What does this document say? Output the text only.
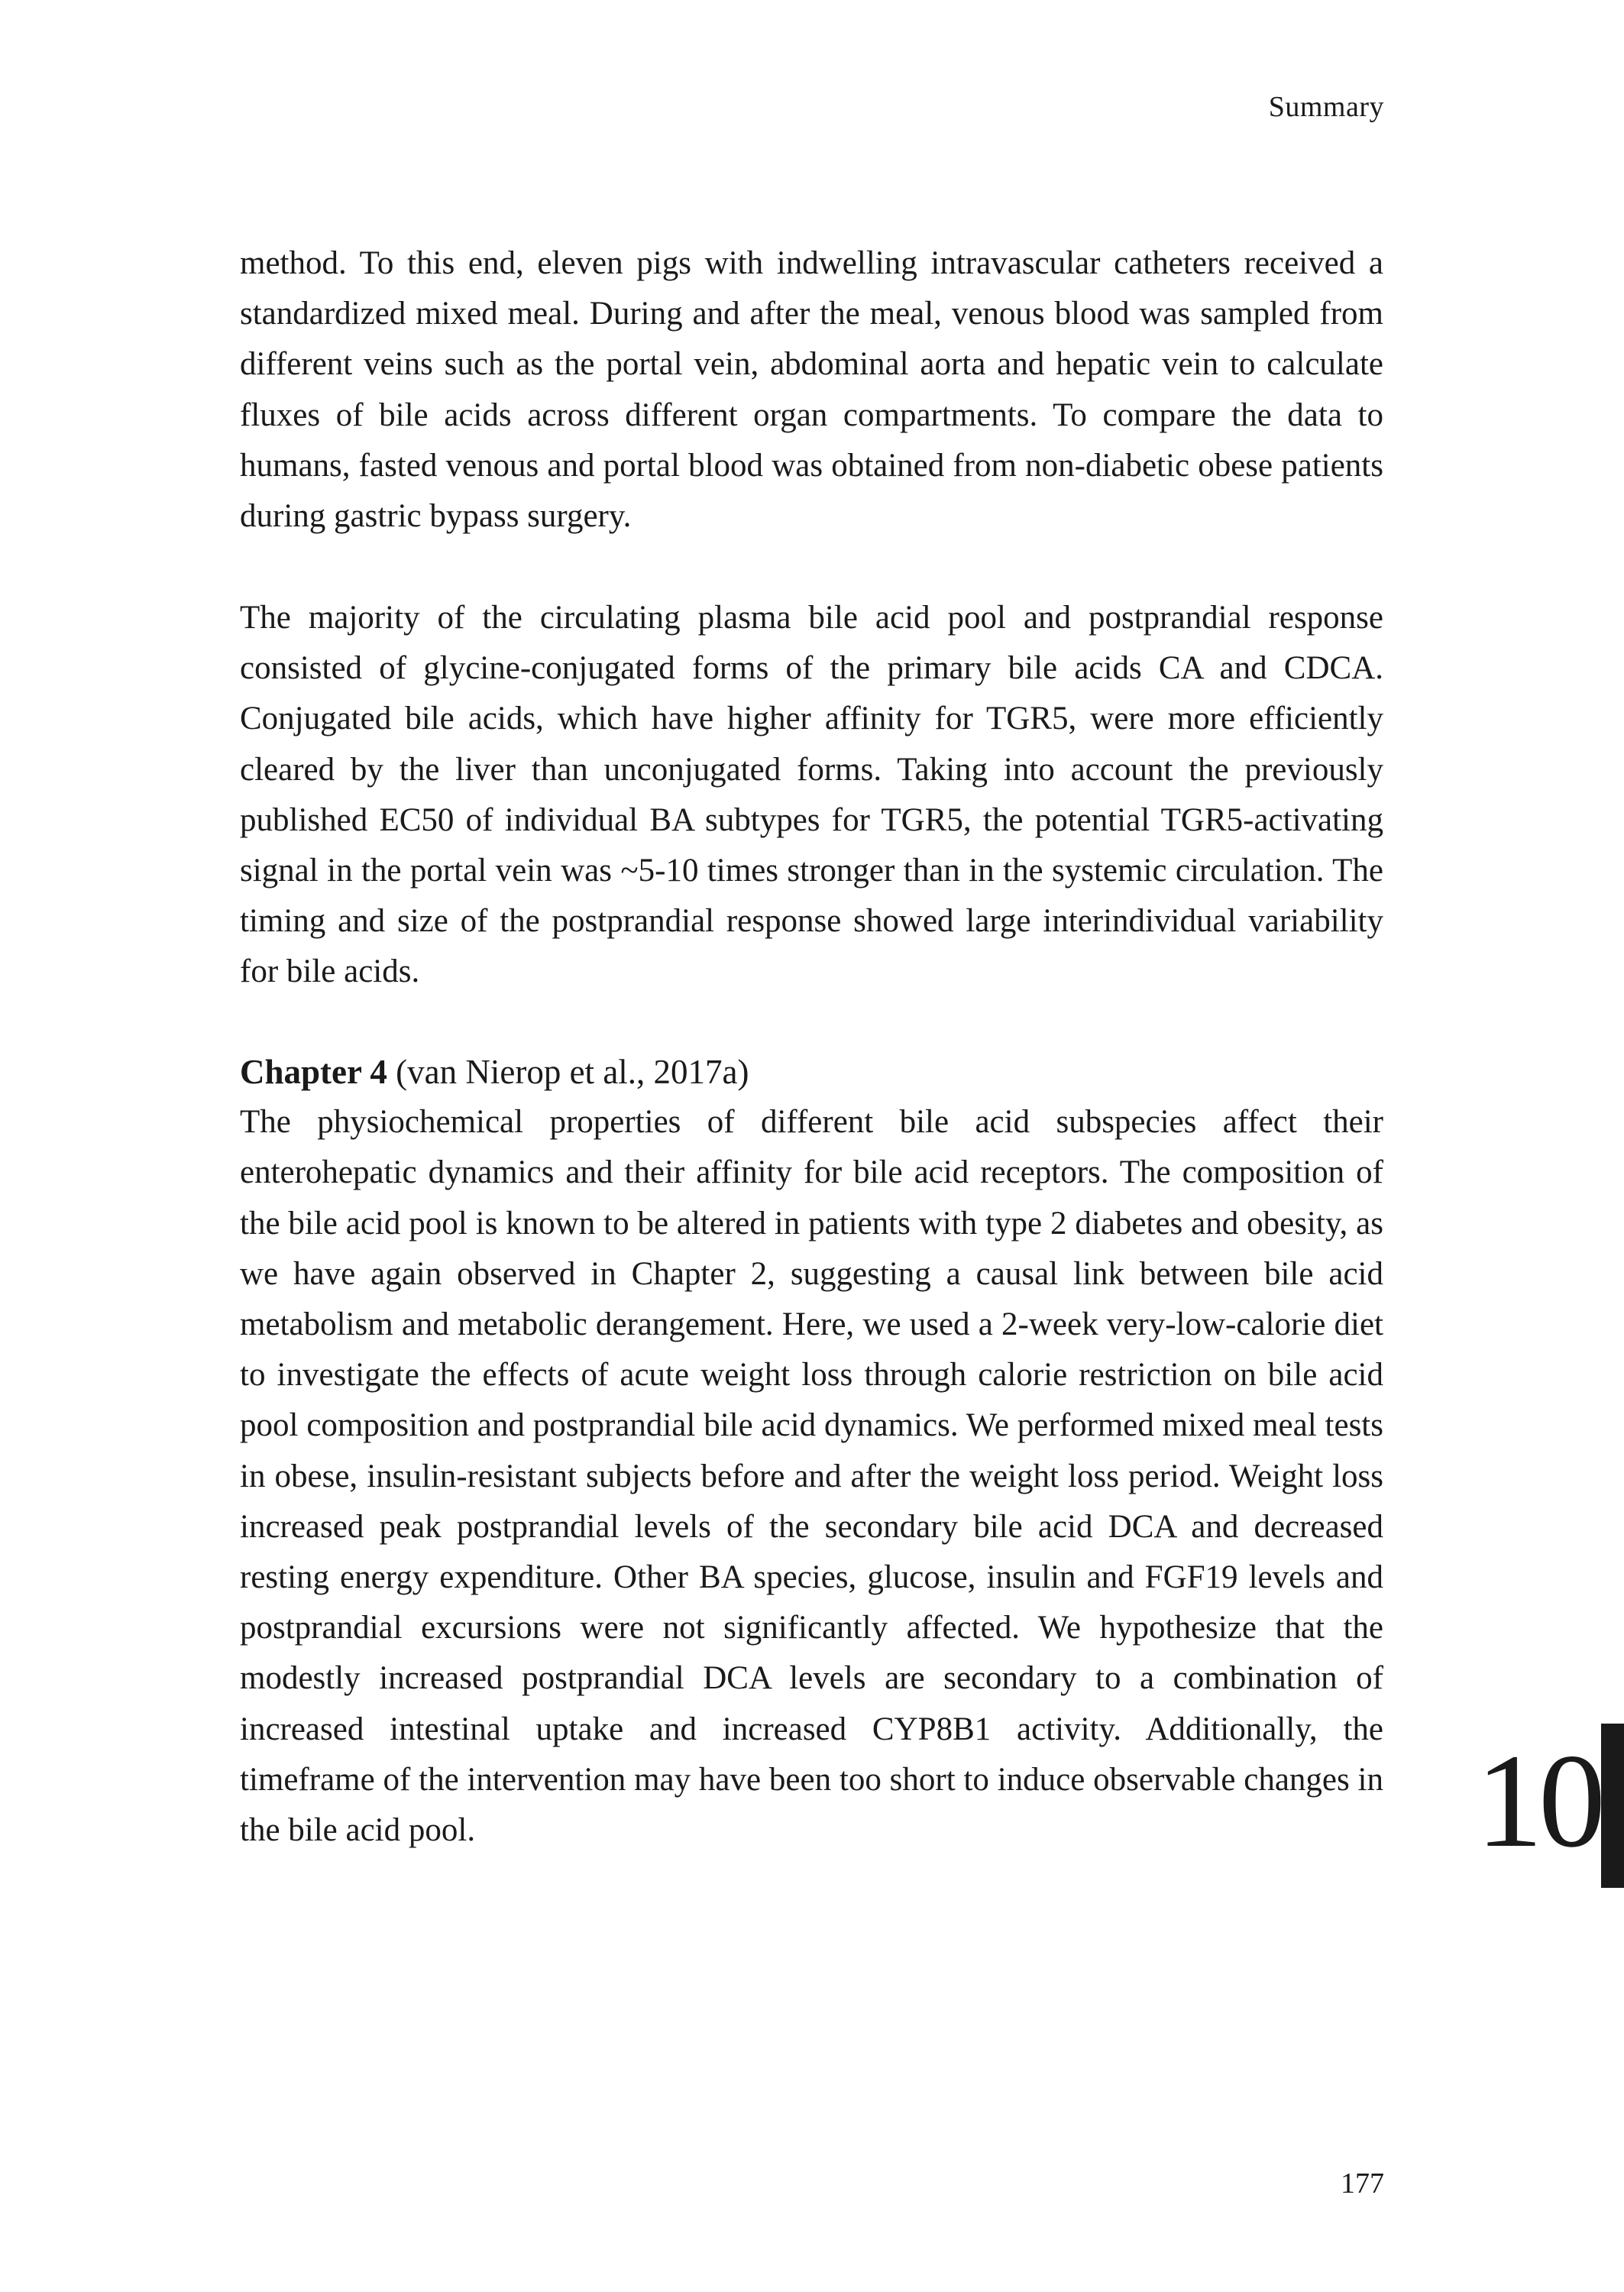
Summary

method. To this end, eleven pigs with indwelling intravascular catheters received a standardized mixed meal. During and after the meal, venous blood was sampled from different veins such as the portal vein, abdominal aorta and hepatic vein to calculate fluxes of bile acids across different organ compartments. To compare the data to humans, fasted venous and portal blood was obtained from non-diabetic obese patients during gastric bypass surgery.

The majority of the circulating plasma bile acid pool and postprandial response consisted of glycine-conjugated forms of the primary bile acids CA and CDCA. Conjugated bile acids, which have higher affinity for TGR5, were more efficiently cleared by the liver than unconjugated forms. Taking into account the previously published EC50 of individual BA subtypes for TGR5, the potential TGR5-activating signal in the portal vein was ~5-10 times stronger than in the systemic circulation. The timing and size of the postprandial response showed large interindividual variability for bile acids.

Chapter 4 (van Nierop et al., 2017a)

The physiochemical properties of different bile acid subspecies affect their enterohepatic dynamics and their affinity for bile acid receptors. The composition of the bile acid pool is known to be altered in patients with type 2 diabetes and obesity, as we have again observed in Chapter 2, suggesting a causal link between bile acid metabolism and metabolic derangement. Here, we used a 2-week very-low-calorie diet to investigate the effects of acute weight loss through calorie restriction on bile acid pool composition and postprandial bile acid dynamics. We performed mixed meal tests in obese, insulin-resistant subjects before and after the weight loss period. Weight loss increased peak postprandial levels of the secondary bile acid DCA and decreased resting energy expenditure. Other BA species, glucose, insulin and FGF19 levels and postprandial excursions were not significantly affected. We hypothesize that the modestly increased postprandial DCA levels are secondary to a combination of increased intestinal uptake and increased CYP8B1 activity. Additionally, the timeframe of the intervention may have been too short to induce observable changes in the bile acid pool.	10
177
